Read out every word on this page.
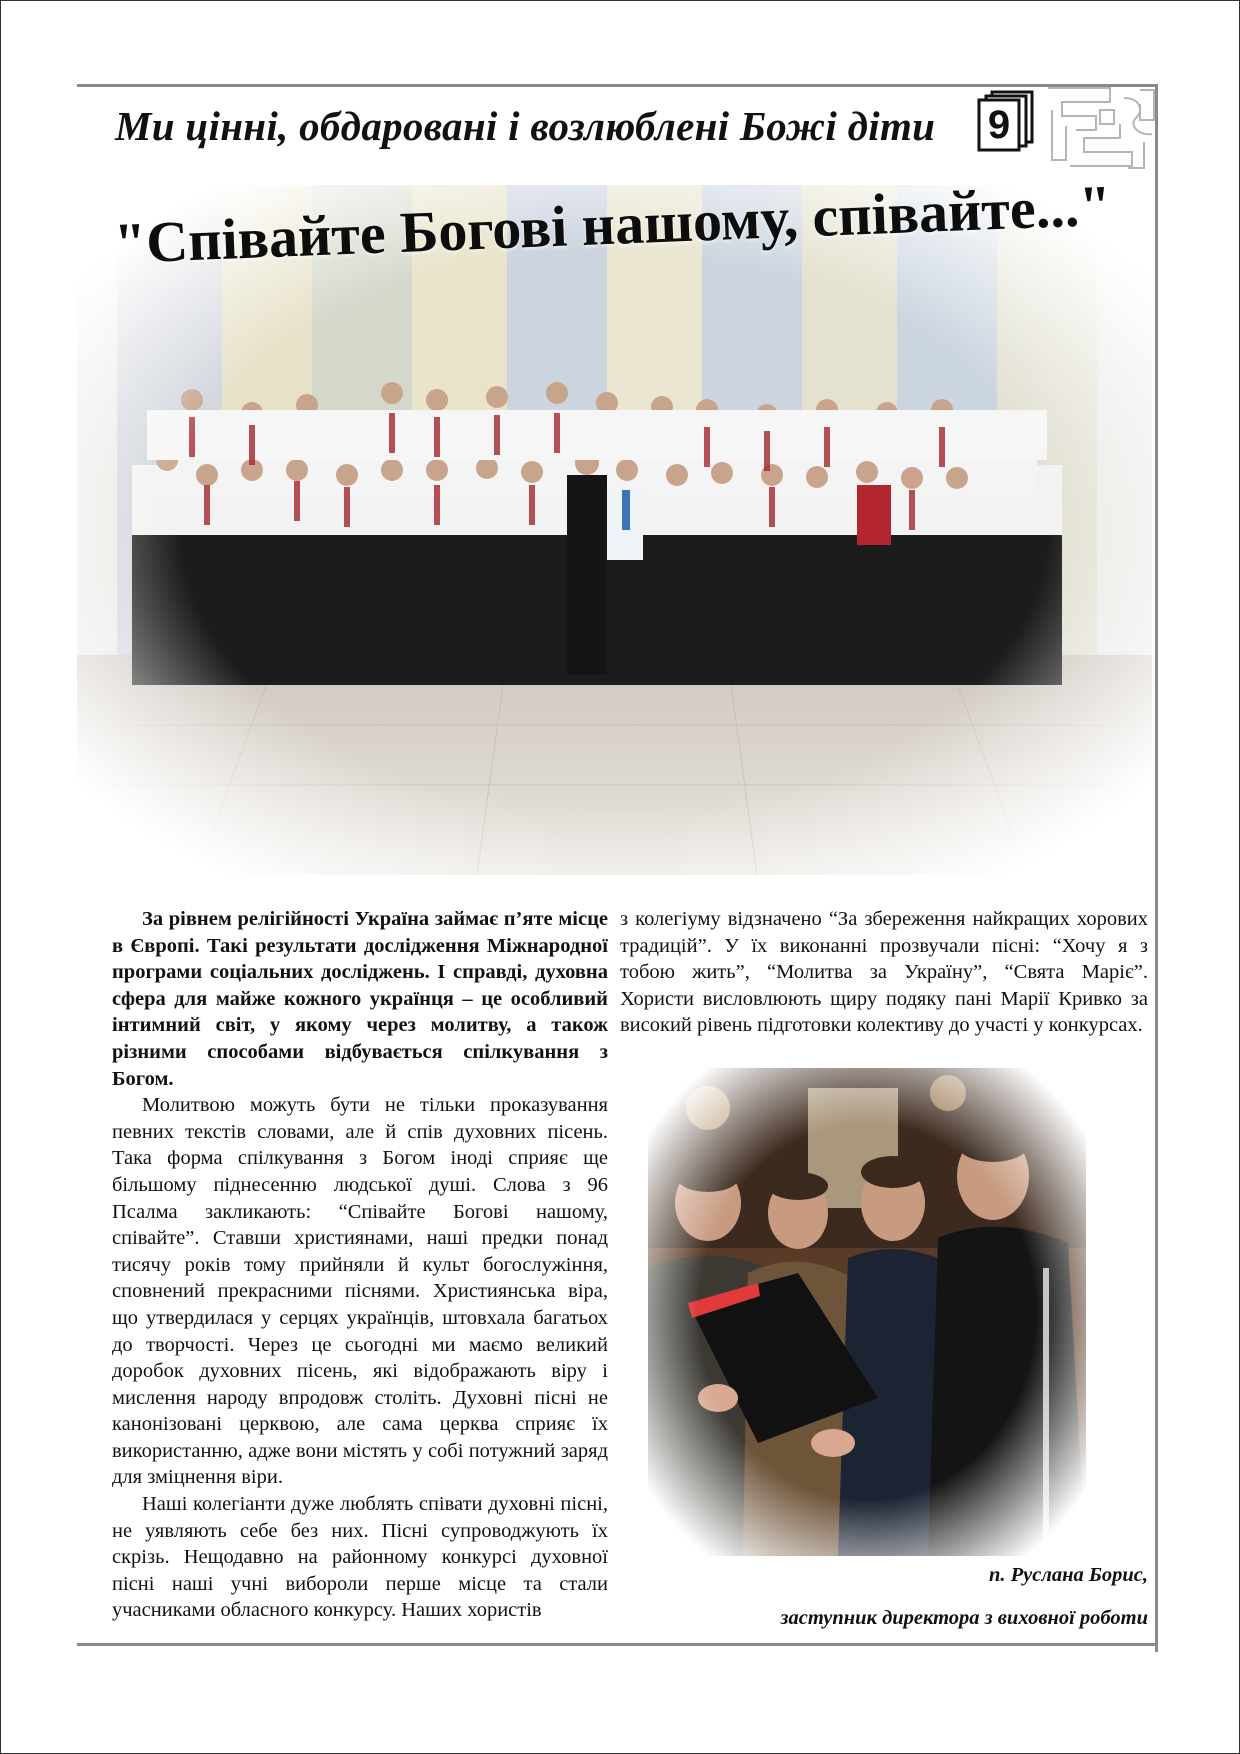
Ми цінні, обдаровані і возлюблені Божі діти	9
"Співайте Богові нашому, співайте..."

За рівнем релігійності Україна займає п’яте місце в Європі. Такі результати дослідження Міжнародної програми соціальних досліджень. І справді, духовна сфера для майже кожного українця – це особливий інтимний світ, у якому через молитву, а також різними способами відбувається спілкування з Богом.

Молитвою можуть бути не тільки проказування певних текстів словами, але й спів духовних пісень. Така форма спілкування з Богом іноді сприяє ще більшому піднесенню людської душі. Слова з 96 Псалма закликають: “Співайте Богові нашому, співайте”. Ставши християнами, наші предки понад тисячу років тому прийняли й культ богослужіння, сповнений прекрасними піснями. Християнська віра, що утвердилася у серцях українців, штовхала багатьох до творчості. Через це сьогодні ми маємо великий доробок духовних пісень, які відображають віру і мислення народу впродовж століть. Духовні пісні не канонізовані церквою, але сама церква сприяє їх використанню, адже вони містять у собі потужний заряд для зміцнення віри.

Наші колегіанти дуже люблять співати духовні пісні, не уявляють себе без них. Пісні супроводжують їх скрізь. Нещодавно на районному конкурсі духовної пісні наші учні вибороли перше місце та стали учасниками обласного конкурсу. Наших хористів

з колегіуму відзначено “За збереження найкращих хорових традицій”. У їх виконанні прозвучали пісні: “Хочу я з тобою жить”, “Молитва за Україну”, “Свята Маріє”. Хористи висловлюють щиру подяку пані Марії Кривко за високий рівень підготовки колективу до участі у конкурсах.

п. Руслана Борис,
заступник директора з виховної роботи
